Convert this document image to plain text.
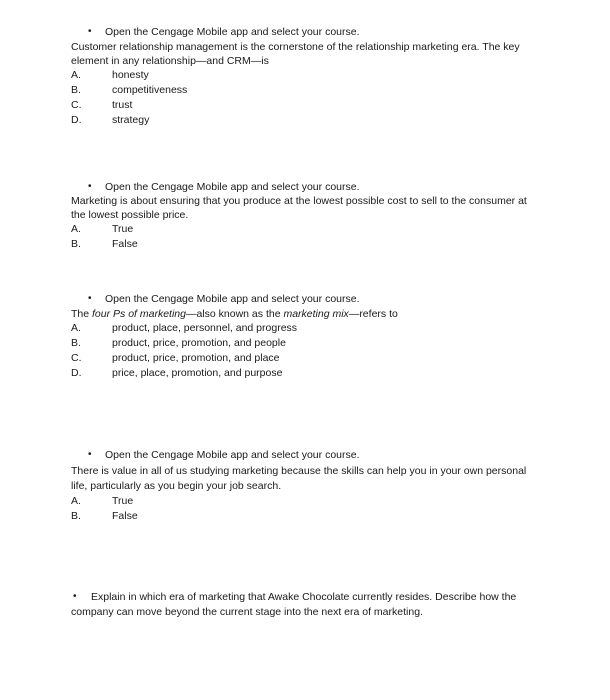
• Open the Cengage Mobile app and select your course.
Customer relationship management is the cornerstone of the relationship marketing era. The key element in any relationship—and CRM—is
A.	honesty
B.	competitiveness
C.	trust
D.	strategy
• Open the Cengage Mobile app and select your course.
Marketing is about ensuring that you produce at the lowest possible cost to sell to the consumer at the lowest possible price.
A.	True
B.	False
• Open the Cengage Mobile app and select your course.
The four Ps of marketing—also known as the marketing mix—refers to
A.	product, place, personnel, and progress
B.	product, price, promotion, and people
C.	product, price, promotion, and place
D.	price, place, promotion, and purpose
• Open the Cengage Mobile app and select your course.
There is value in all of us studying marketing because the skills can help you in your own personal life, particularly as you begin your job search.
A.	True
B.	False
•	Explain in which era of marketing that Awake Chocolate currently resides. Describe how the company can move beyond the current stage into the next era of marketing.
